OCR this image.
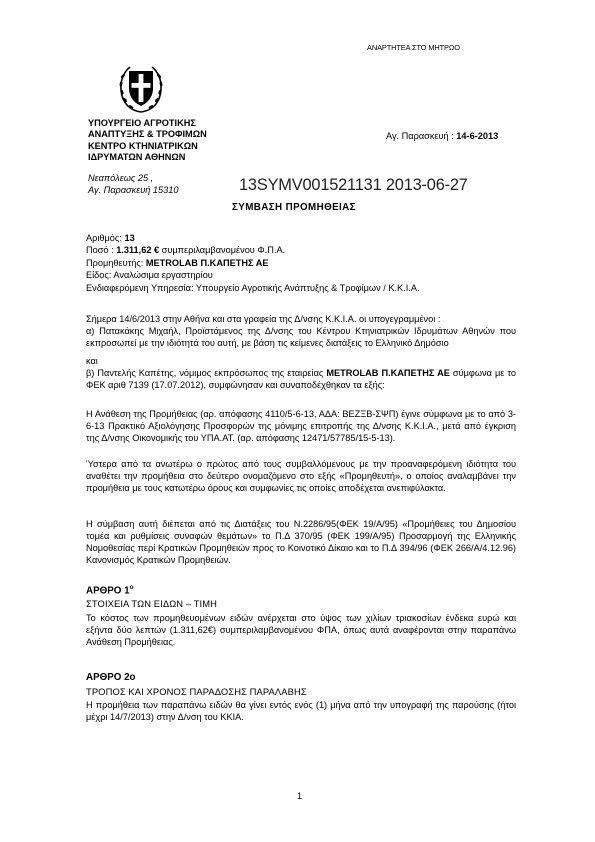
ΑΝΑΡΤΗΤΕΑ ΣΤΟ ΜΗΤΡΩΟ
ΥΠΟΥΡΓΕΙΟ ΑΓΡΟΤΙΚΗΣ
ΑΝΑΠΤΥΞΗΣ & ΤΡΟΦΙΜΩΝ
ΚΕΝΤΡΟ ΚΤΗΝΙΑΤΡΙΚΩΝ
ΙΔΡΥΜΑΤΩΝ ΑΘΗΝΩΝ
Νεαπόλεως 25 ,
Αγ. Παρασκευή 15310
Αγ. Παρασκευή : 14-6-2013
13SYMV001521131 2013-06-27
ΣΥΜΒΑΣΗ ΠΡΟΜΗΘΕΙΑΣ
Αριθμός: 13
Ποσό : 1.311,62 € συμπεριλαμβανομένου Φ.Π.Α.
Προμηθευτής: METROLAB Π.ΚΑΠΕΤΗΣ ΑΕ
Είδος: Αναλώσιμα εργαστηρίου
Ενδιαφερόμενη Υπηρεσία: Υπουργείο Αγροτικής Ανάπτυξης & Τροφίμων / Κ.Κ.Ι.Α.
Σήμερα 14/6/2013 στην Αθήνα και στα γραφεία της Δ/νσης Κ.Κ.Ι.Α. οι υπογεγραμμένοι :
α) Πατακάκης Μιχαήλ, Προϊστάμενος της Δ/νσης του Κέντρου Κτηνιατρικών Ιδρυμάτων Αθηνών που εκπροσωπεί με την ιδιότητά του αυτή, με βάση τις κείμενες διατάξεις το Ελληνικό Δημόσιο
και
β) Παντελής Καπέτης, νόμιμος εκπρόσωπος της εταιρείας METROLAB Π.ΚΑΠΕΤΗΣ ΑΕ σύμφωνα με το ΦΕΚ αριθ 7139 (17.07.2012), συμφώνησαν και συναποδέχθηκαν τα εξής:
Η Ανάθεση της Προμήθειας (αρ. απόφασης 4110/5-6-13, ΑΔΑ: ΒΕΖΞΒ-ΣΨΠ) έγινε σύμφωνα με το από 3-6-13 Πρακτικό Αξιολόγησης Προσφορών της μόνιμης επιτροπής της Δ/νσης Κ.Κ.Ι.Α., μετά από έγκριση της Δ/νσης Οικονομικής του ΥΠΑ.ΑΤ. (αρ. απόφασης 12471/57785/15-5-13).
Ύστερα από τα ανωτέρω ο πρώτος από τους συμβαλλόμενους με την προαναφερόμενη ιδιότητα του αναθέτει την προμήθεια στο δεύτερο ονομαζόμενο στο εξής «Προμηθευτή», ο οποίος αναλαμβάνει την προμήθεια με τους κατωτέρω όρους και συμφωνίες τις οποίες αποδέχεται ανεπιφύλακτα.
Η σύμβαση αυτή διέπεται από τις Διατάξεις του Ν.2286/95(ΦΕΚ 19/Α/95) «Προμήθειες του Δημοσίου τομέα και ρυθμίσεις συναφών θεμάτων» το Π.Δ 370/95 (ΦΕΚ 199/Α/95) Προσαρμογή της Ελληνικής Νομοθεσίας περί Κρατικών Προμηθειών προς το Κοινοτικό Δίκαιο και το Π.Δ 394/96 (ΦΕΚ 266/Α/4.12.96) Κανονισμός Κρατικών Προμηθειών.
ΑΡΘΡΟ $1^o$
ΣΤΟΙΧΕΙΑ ΤΩΝ ΕΙΔΩΝ – ΤΙΜΗ
Το κόστος των προμηθευομένων ειδών ανέρχεται στο ύψος των χιλίων τριακοσίων ένδεκα ευρώ και εξήντα δύο λεπτών (1.311,62€) συμπεριλαμβανομένου ΦΠΑ, όπως αυτά αναφέρονται στην παραπάνω Ανάθεση Προμήθειας.
ΑΡΘΡΟ 2ο
ΤΡΟΠΟΣ ΚΑΙ ΧΡΟΝΟΣ ΠΑΡΑΔΟΣΗΣ ΠΑΡΑΛΑΒΗΣ
Η προμήθεια των παραπάνω ειδών θα γίνει εντός ενός (1) μήνα από την υπογραφή της παρούσης (ήτοι μέχρι 14/7/2013) στην Δ/νση του ΚΚΙΑ.
1
